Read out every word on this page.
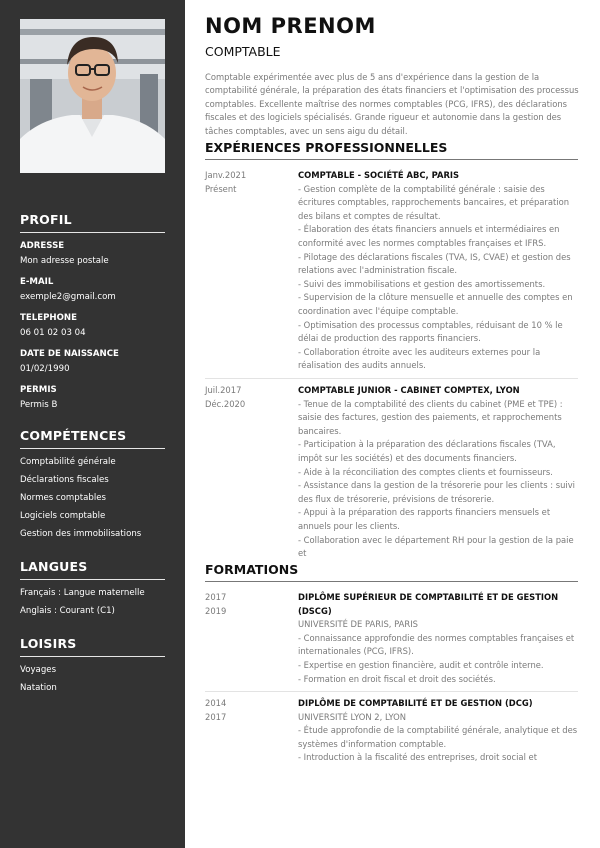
PROFIL
ADRESSE
Mon adresse postale
E-MAIL
exemple2@gmail.com
TELEPHONE
06 01 02 03 04
DATE DE NAISSANCE
01/02/1990
PERMIS
Permis B
COMPÉTENCES
Comptabilité générale
Déclarations fiscales
Normes comptables
Logiciels comptable
Gestion des immobilisations
LANGUES
Français : Langue maternelle
Anglais : Courant (C1)
LOISIRS
Voyages
Natation
NOM PRENOM
COMPTABLE

Comptable expérimentée avec plus de 5 ans d'expérience dans la gestion de la comptabilité générale, la préparation des états financiers et l'optimisation des processus comptables. Excellente maîtrise des normes comptables (PCG, IFRS), des déclarations fiscales et des logiciels spécialisés. Grande rigueur et autonomie dans la gestion des tâches comptables, avec un sens aigu du détail.

EXPÉRIENCES PROFESSIONNELLES
Janv.2021
Présent
COMPTABLE - SOCIÉTÉ ABC, PARIS

- Gestion complète de la comptabilité générale : saisie des écritures comptables, rapprochements bancaires, et préparation des bilans et comptes de résultat.
- Élaboration des états financiers annuels et intermédiaires en conformité avec les normes comptables françaises et IFRS.
- Pilotage des déclarations fiscales (TVA, IS, CVAE) et gestion des relations avec l'administration fiscale.
- Suivi des immobilisations et gestion des amortissements.
- Supervision de la clôture mensuelle et annuelle des comptes en coordination avec l'équipe comptable.
- Optimisation des processus comptables, réduisant de 10 % le délai de production des rapports financiers.
- Collaboration étroite avec les auditeurs externes pour la réalisation des audits annuels.

Juil.2017
Déc.2020
COMPTABLE JUNIOR - CABINET COMPTEX, LYON

- Tenue de la comptabilité des clients du cabinet (PME et TPE) : saisie des factures, gestion des paiements, et rapprochements bancaires.
- Participation à la préparation des déclarations fiscales (TVA, impôt sur les sociétés) et des documents financiers.
- Aide à la réconciliation des comptes clients et fournisseurs.
- Assistance dans la gestion de la trésorerie pour les clients : suivi des flux de trésorerie, prévisions de trésorerie.
- Appui à la préparation des rapports financiers mensuels et annuels pour les clients.
- Collaboration avec le département RH pour la gestion de la paie et

FORMATIONS
2017
2019
DIPLÔME SUPÉRIEUR DE COMPTABILITÉ ET DE GESTION (DSCG)
UNIVERSITÉ DE PARIS, PARIS

- Connaissance approfondie des normes comptables françaises et internationales (PCG, IFRS).
- Expertise en gestion financière, audit et contrôle interne.
- Formation en droit fiscal et droit des sociétés.

2014
2017
DIPLÔME DE COMPTABILITÉ ET DE GESTION (DCG)
UNIVERSITÉ LYON 2, LYON

- Étude approfondie de la comptabilité générale, analytique et des systèmes d'information comptable.
- Introduction à la fiscalité des entreprises, droit social et
